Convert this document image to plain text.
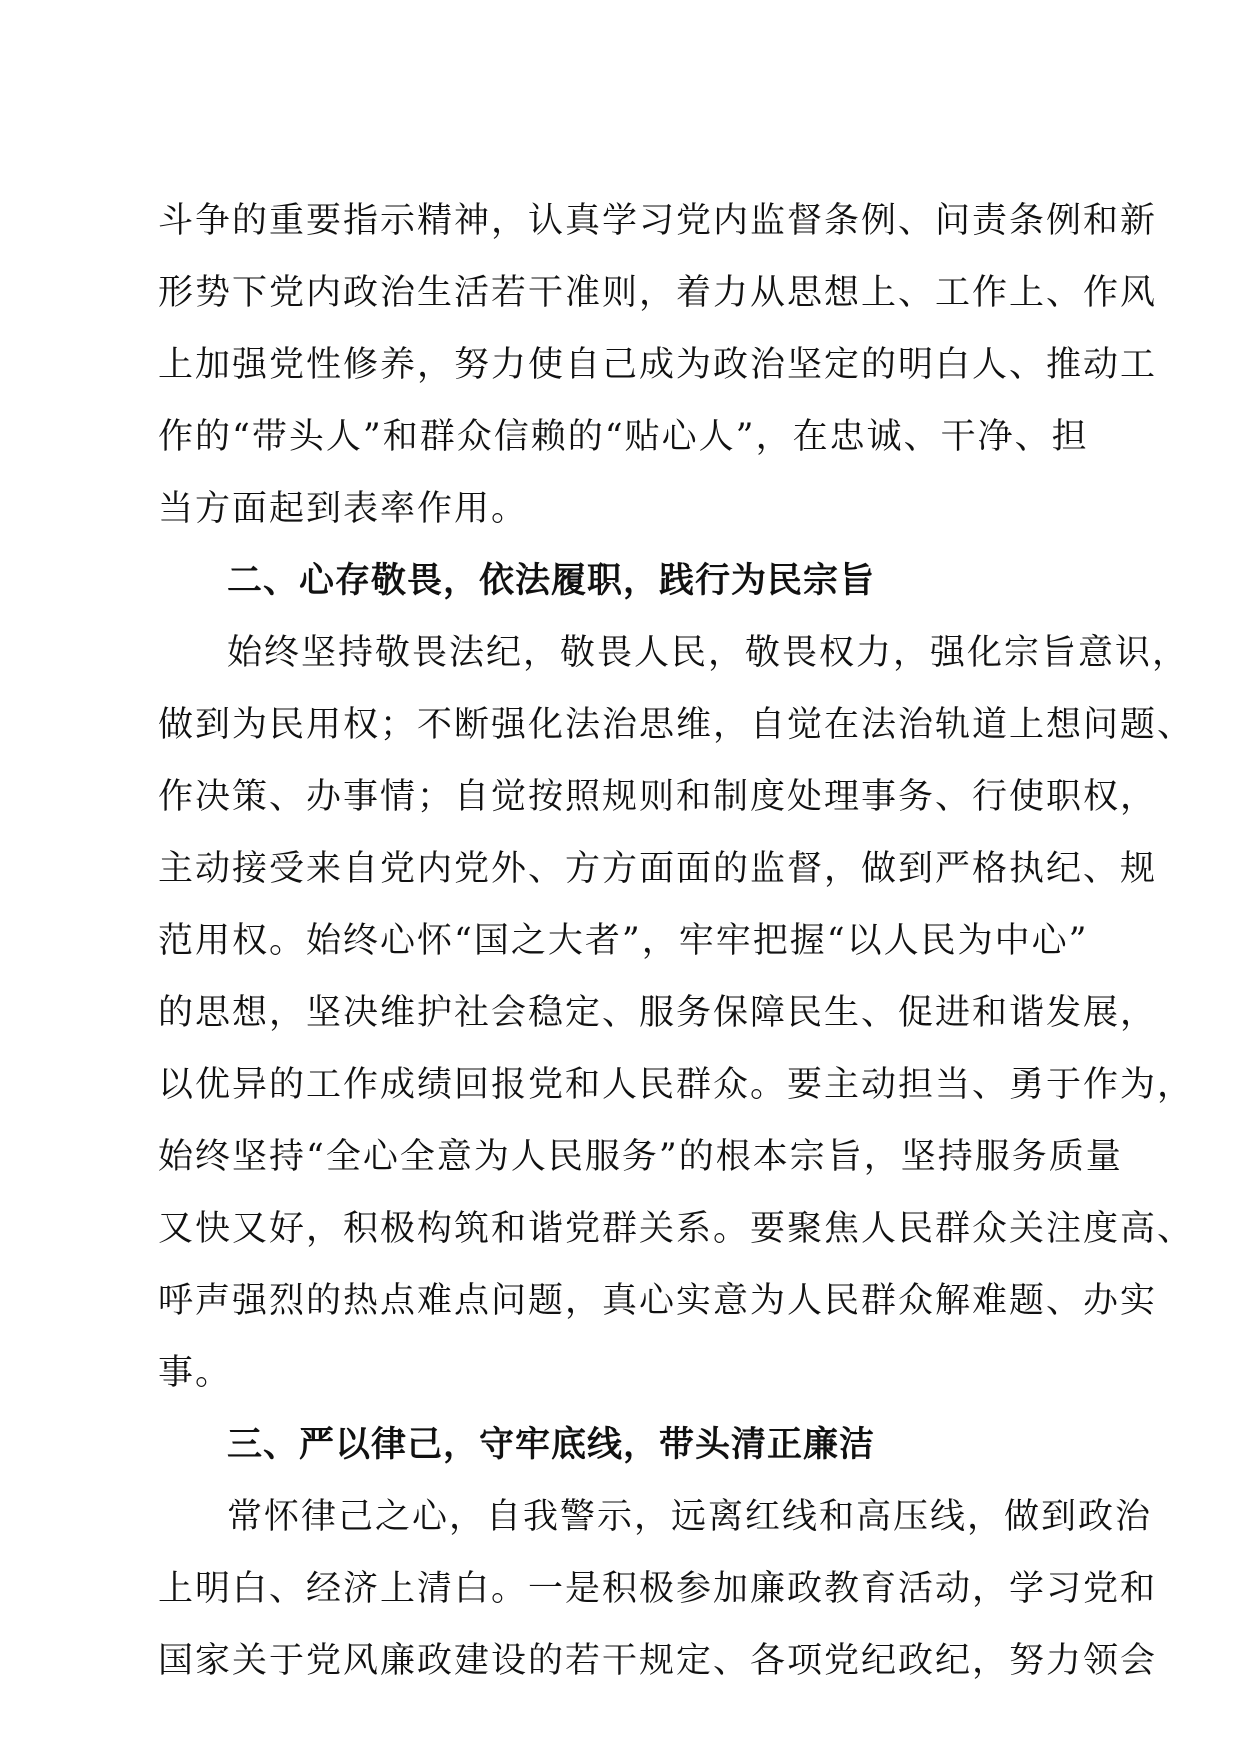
斗争的重要指示精神，认真学习党内监督条例、问责条例和新
形势下党内政治生活若干准则，着力从思想上、工作上、作风
上加强党性修养，努力使自己成为政治坚定的明白人、推动工
作的“带头人”和群众信赖的“贴心人”，在忠诚、干净、担
当方面起到表率作用。
二、心存敬畏，依法履职，践行为民宗旨
始终坚持敬畏法纪，敬畏人民，敬畏权力，强化宗旨意识，
做到为民用权；不断强化法治思维，自觉在法治轨道上想问题、
作决策、办事情；自觉按照规则和制度处理事务、行使职权，
主动接受来自党内党外、方方面面的监督，做到严格执纪、规
范用权。始终心怀“国之大者”，牢牢把握“以人民为中心”
的思想，坚决维护社会稳定、服务保障民生、促进和谐发展，
以优异的工作成绩回报党和人民群众。要主动担当、勇于作为，
始终坚持“全心全意为人民服务”的根本宗旨，坚持服务质量
又快又好，积极构筑和谐党群关系。要聚焦人民群众关注度高、
呼声强烈的热点难点问题，真心实意为人民群众解难题、办实
事。
三、严以律己，守牢底线，带头清正廉洁
常怀律己之心，自我警示，远离红线和高压线，做到政治
上明白、经济上清白。一是积极参加廉政教育活动，学习党和
国家关于党风廉政建设的若干规定、各项党纪政纪，努力领会
